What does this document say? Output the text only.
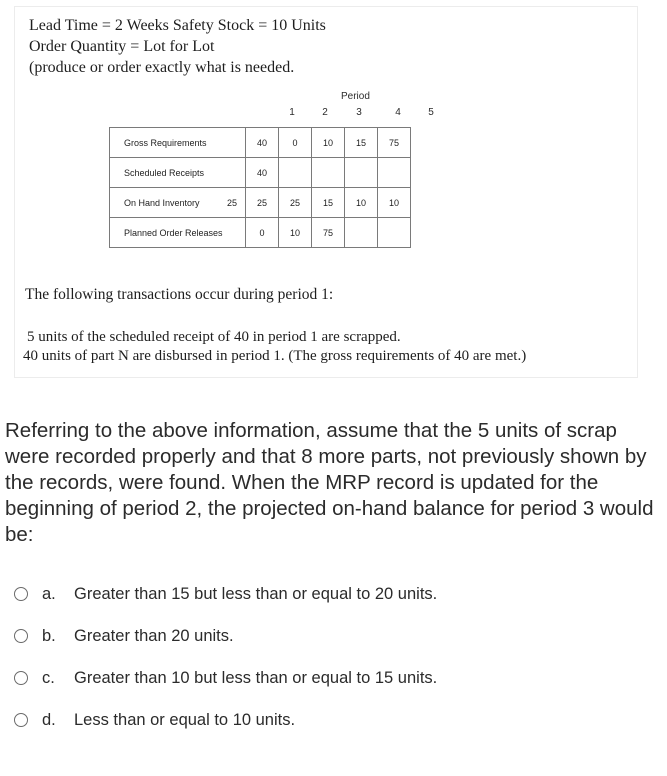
Lead Time = 2 Weeks Safety Stock = 10 Units

Order Quantity = Lot for Lot

(produce or order exactly what is needed.

Period
1	2	3	4	5
Gross Requirements		40	0	10	15	75
Scheduled Receipts		40				
On Hand Inventory	25	25	25	15	10	10
Planned Order Releases		0	10	75		

The following transactions occur during period 1:

5 units of the scheduled receipt of 40 in period 1 are scrapped.

40 units of part N are disbursed in period 1. (The gross requirements of 40 are met.)

Referring to the above information, assume that the 5 units of scrap were recorded properly and that 8 more parts, not previously shown by the records, were found. When the MRP record is updated for the beginning of period 2, the projected on-hand balance for period 3 would be:

a.	Greater than 15 but less than or equal to 20 units.
b.	Greater than 20 units.
c.	Greater than 10 but less than or equal to 15 units.
d.	Less than or equal to 10 units.
